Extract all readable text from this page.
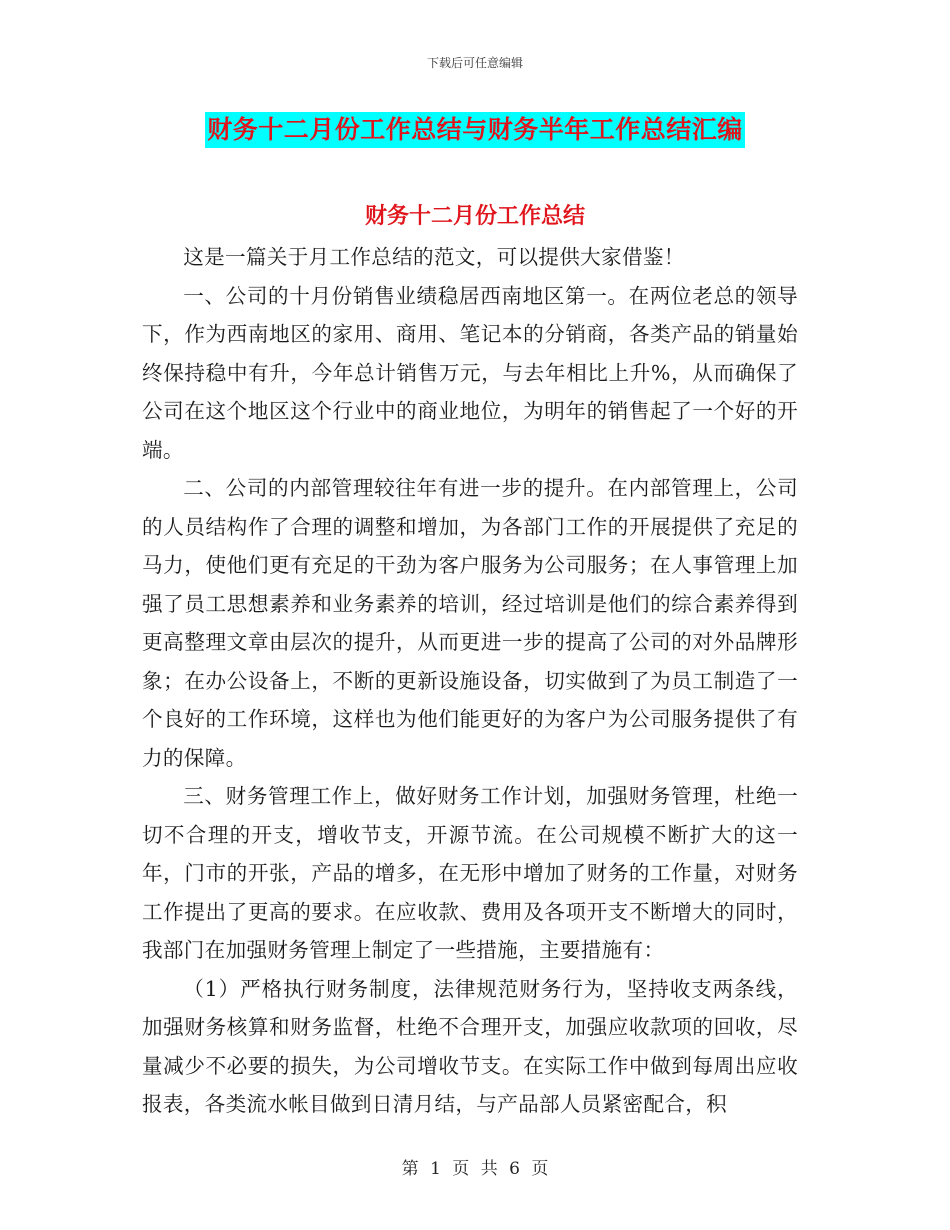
下载后可任意编辑
财务十二月份工作总结与财务半年工作总结汇编
财务十二月份工作总结

这是一篇关于月工作总结的范文，可以提供大家借鉴！

一、公司的十月份销售业绩稳居西南地区第一。在两位老总的领导下，作为西南地区的家用、商用、笔记本的分销商，各类产品的销量始终保持稳中有升，今年总计销售万元，与去年相比上升%，从而确保了公司在这个地区这个行业中的商业地位，为明年的销售起了一个好的开端。

二、公司的内部管理较往年有进一步的提升。在内部管理上，公司的人员结构作了合理的调整和增加，为各部门工作的开展提供了充足的马力，使他们更有充足的干劲为客户服务为公司服务；在人事管理上加强了员工思想素养和业务素养的培训，经过培训是他们的综合素养得到更高整理文章由层次的提升，从而更进一步的提高了公司的对外品牌形象；在办公设备上，不断的更新设施设备，切实做到了为员工制造了一个良好的工作环境，这样也为他们能更好的为客户为公司服务提供了有力的保障。

三、财务管理工作上，做好财务工作计划，加强财务管理，杜绝一切不合理的开支，增收节支，开源节流。在公司规模不断扩大的这一年，门市的开张，产品的增多，在无形中增加了财务的工作量，对财务工作提出了更高的要求。在应收款、费用及各项开支不断增大的同时，我部门在加强财务管理上制定了一些措施，主要措施有：

（1）严格执行财务制度，法律规范财务行为，坚持收支两条线，加强财务核算和财务监督，杜绝不合理开支，加强应收款项的回收，尽量减少不必要的损失，为公司增收节支。在实际工作中做到每周出应收报表，各类流水帐目做到日清月结，与产品部人员紧密配合，积

第 1 页 共 6 页
